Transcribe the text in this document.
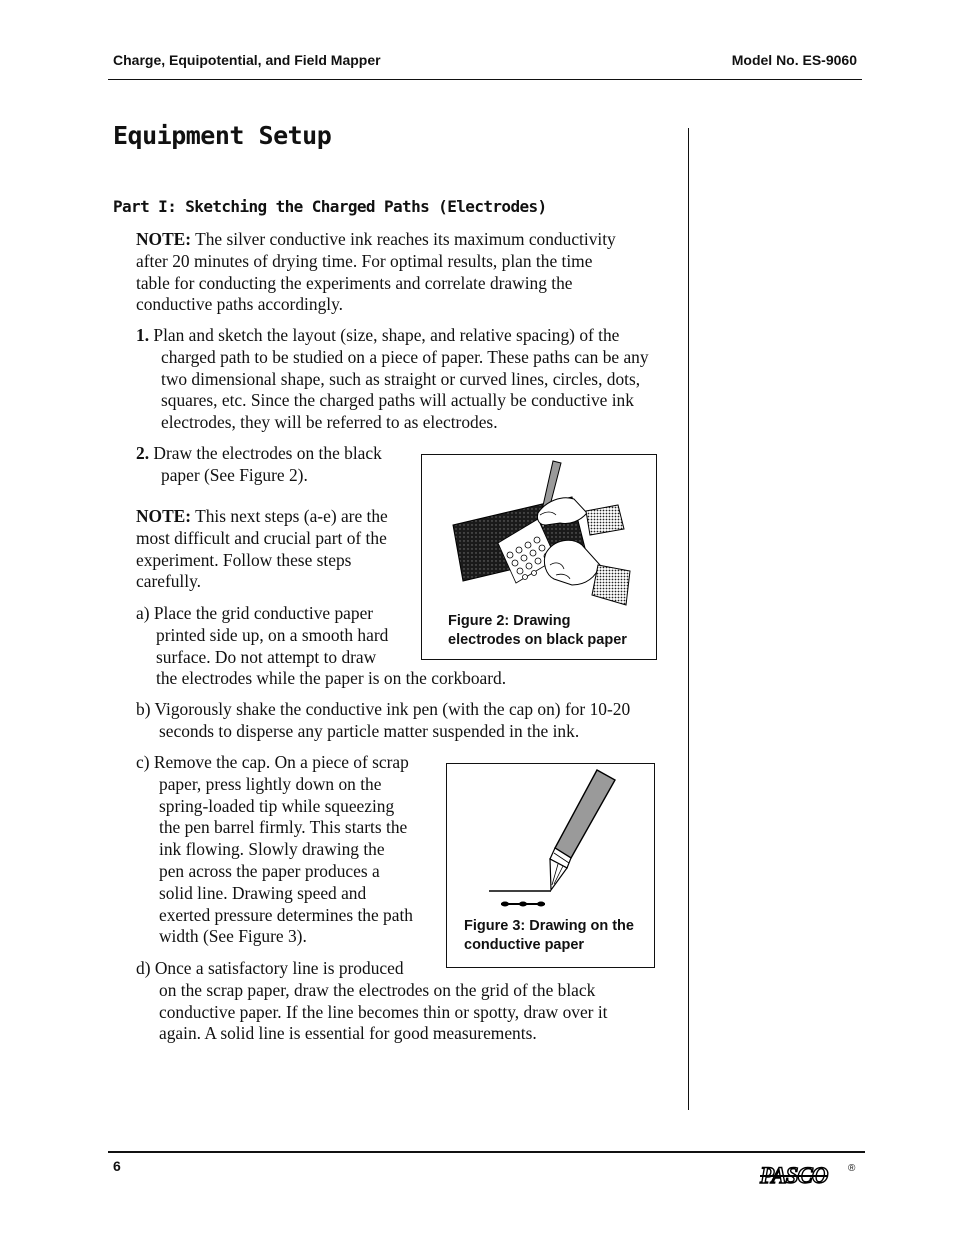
Charge, Equipotential, and Field Mapper	Model No. ES-9060
Equipment Setup
Part I: Sketching the Charged Paths (Electrodes)
NOTE: The silver conductive ink reaches its maximum conductivity
after 20 minutes of drying time. For optimal results, plan the time
table for conducting the experiments and correlate drawing the
conductive paths accordingly.
1. Plan and sketch the layout (size, shape, and relative spacing) of the
charged path to be studied on a piece of paper. These paths can be any
two dimensional shape, such as straight or curved lines, circles, dots,
squares, etc. Since the charged paths will actually be conductive ink
electrodes, they will be referred to as electrodes.
2. Draw the electrodes on the black
paper (See Figure 2).
NOTE: This next steps (a-e) are the
most difficult and crucial part of the
experiment. Follow these steps
carefully.
a) Place the grid conductive paper
printed side up, on a smooth hard
surface. Do not attempt to draw
the electrodes while the paper is on the corkboard.
b) Vigorously shake the conductive ink pen (with the cap on) for 10-20
seconds to disperse any particle matter suspended in the ink.
c) Remove the cap. On a piece of scrap
paper, press lightly down on the
spring-loaded tip while squeezing
the pen barrel firmly. This starts the
ink flowing. Slowly drawing the
pen across the paper produces a
solid line. Drawing speed and
exerted pressure determines the path
width (See Figure 3).
d) Once a satisfactory line is produced
on the scrap paper, draw the electrodes on the grid of the black
conductive paper. If the line becomes thin or spotty, draw over it
again. A solid line is essential for good measurements.
Figure 2: Drawing
electrodes on black paper
Figure 3: Drawing on the
conductive paper
6	PASCO ®
